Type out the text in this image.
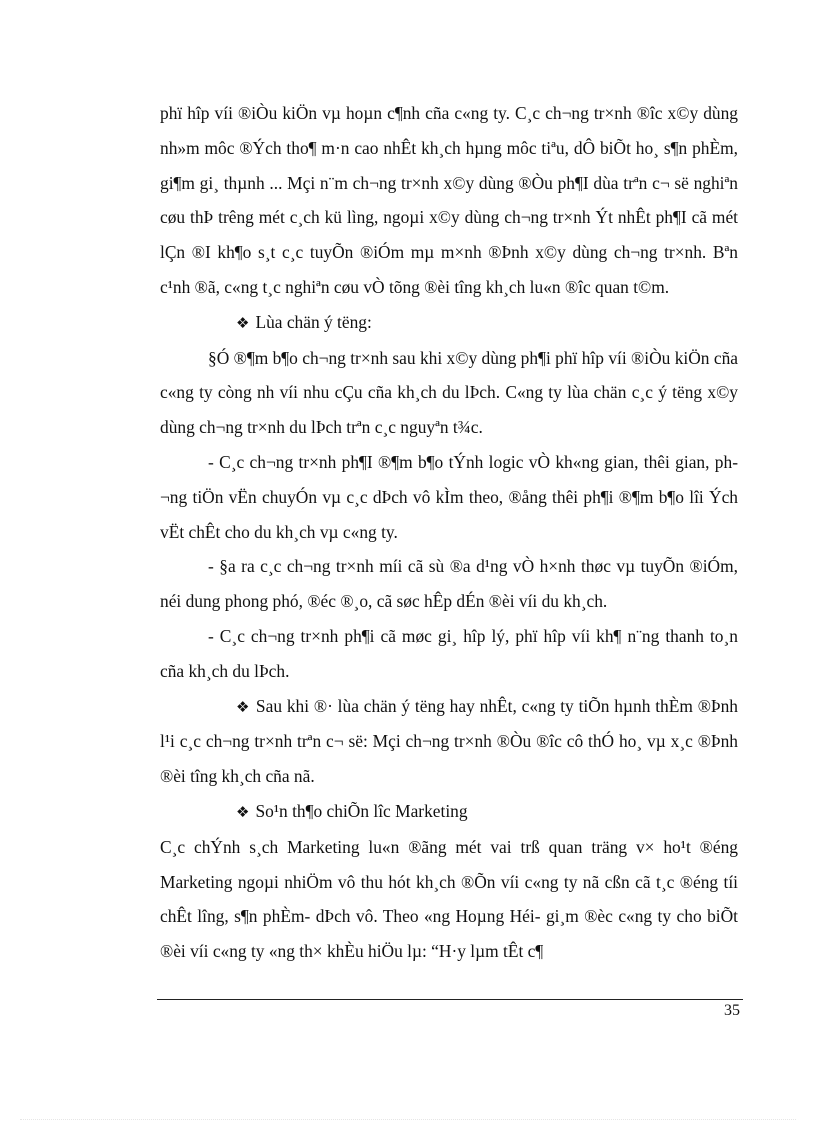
phï hîp víi ®iÒu kiÖn vµ hoµn c¶nh cña c«ng ty. C¸c ch¬ng tr×nh ®îc x©y dùng nh»m môc ®Ých tho¶ m·n cao nhÊt kh¸ch hµng môc tiªu, dÔ biÕt ho¸ s¶n phÈm, gi¶m gi¸ thµnh ... Mçi n¨m ch¬ng tr×nh x©y dùng ®Òu ph¶I dùa trªn c¬ së nghiªn cøu thÞ trêng mét c¸ch kü lìng, ngoµi x©y dùng ch¬ng tr×nh Ýt nhÊt ph¶I cã mét lÇn ®I kh¶o s¸t c¸c tuyÕn ®iÓm mµ m×nh ®Þnh x©y dùng ch¬ng tr×nh. Bªn c¹nh ®ã, c«ng t¸c nghiªn cøu vÒ tõng ®èi tîng kh¸ch lu«n ®îc quan t©m.

❖ Lùa chän ý tëng:

§Ó ®¶m b¶o ch¬ng tr×nh sau khi x©y dùng ph¶i phï hîp víi ®iÒu kiÖn cña c«ng ty còng nh víi nhu cÇu cña kh¸ch du lÞch. C«ng ty lùa chän c¸c ý tëng x©y dùng ch¬ng tr×nh du lÞch trªn c¸c nguyªn t¾c.

- C¸c ch¬ng tr×nh ph¶I ®¶m b¶o tÝnh logic vÒ kh«ng gian, thêi gian, ph¬ng tiÖn vËn chuyÓn vµ c¸c dÞch vô kÌm theo, ®ång thêi ph¶i ®¶m b¶o lîi Ých vËt chÊt cho du kh¸ch vµ c«ng ty.

- §a ra c¸c ch¬ng tr×nh míi cã sù ®a d¹ng vÒ h×nh thøc vµ tuyÕn ®iÓm, néi dung phong phó, ®éc ®¸o, cã søc hÊp dÉn ®èi víi du kh¸ch.

- C¸c ch¬ng tr×nh ph¶i cã møc gi¸ hîp lý, phï hîp víi kh¶ n¨ng thanh to¸n cña kh¸ch du lÞch.

❖ Sau khi ®· lùa chän ý tëng hay nhÊt, c«ng ty tiÕn hµnh thÈm ®Þnh l¹i c¸c ch¬ng tr×nh trªn c¬ së: Mçi ch¬ng tr×nh ®Òu ®îc cô thÓ ho¸ vµ x¸c ®Þnh ®èi tîng kh¸ch cña nã.

❖ So¹n th¶o chiÕn lîc Marketing

C¸c chÝnh s¸ch Marketing lu«n ®ãng mét vai trß quan träng v× ho¹t ®éng Marketing ngoµi nhiÖm vô thu hót kh¸ch ®Õn víi c«ng ty nã cßn cã t¸c ®éng tíi chÊt lîng, s¶n phÈm- dÞch vô. Theo «ng Hoµng Héi- gi¸m ®èc c«ng ty cho biÕt ®èi víi c«ng ty «ng th× khÈu hiÖu lµ: “H·y lµm tÊt c¶

35
